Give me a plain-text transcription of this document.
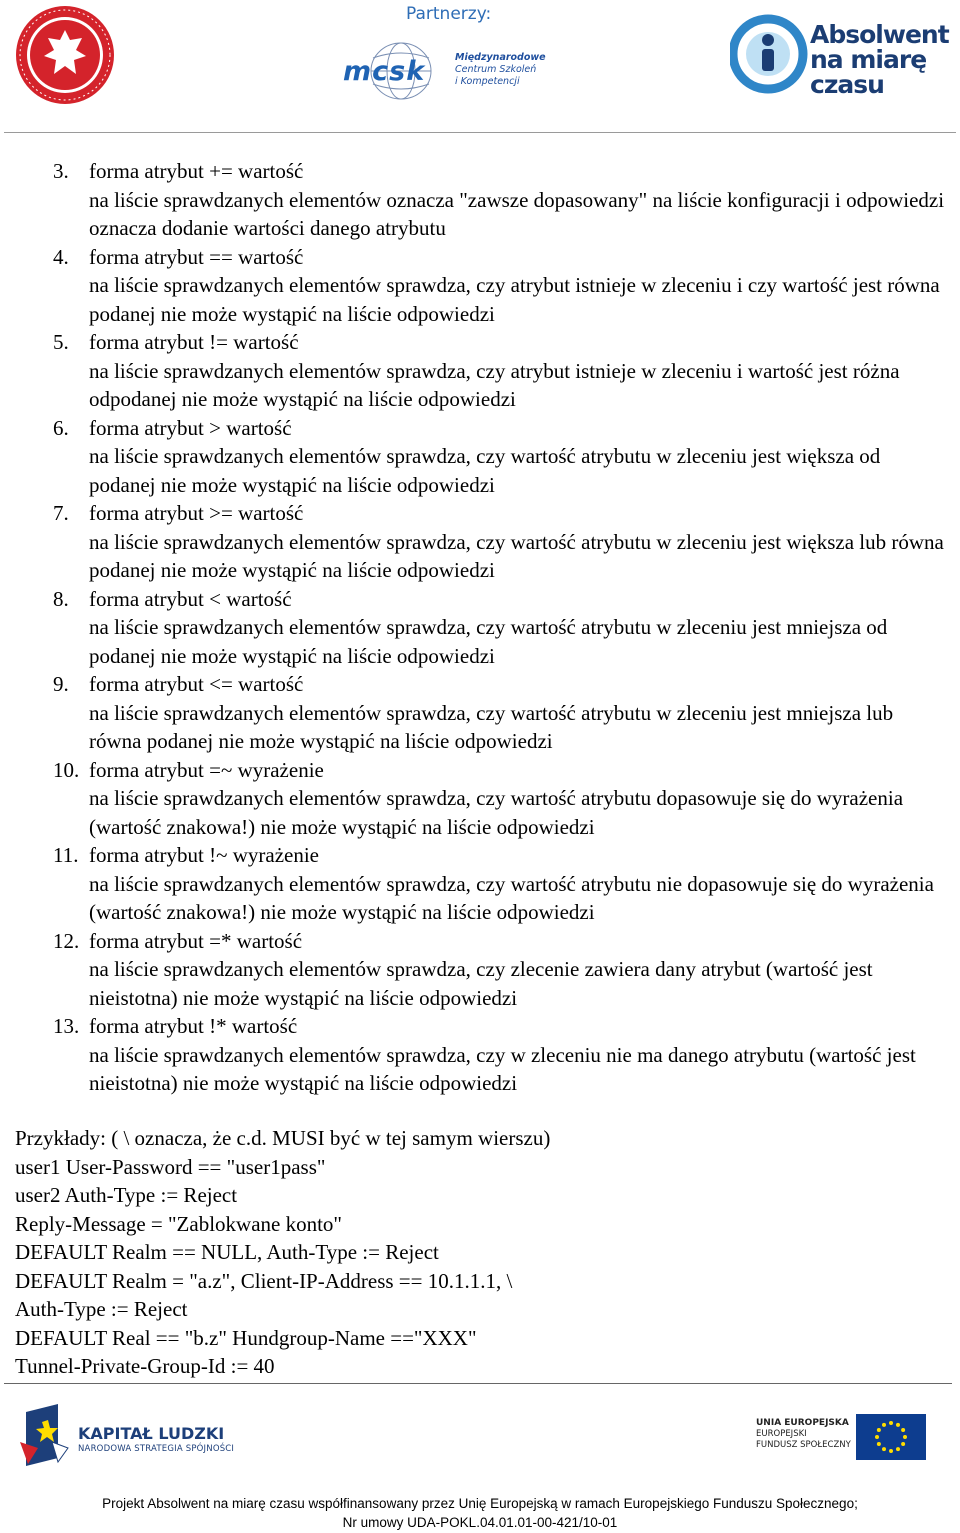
Partnerzy:
mcsk	Międzynarodowe
Centrum Szkoleń
i Kompetencji
Absolwent
na miarę
czasu
3. forma atrybut += wartość
na liście sprawdzanych elementów oznacza "zawsze dopasowany" na liście konfiguracji i odpowiedzi oznacza dodanie wartości danego atrybutu
4. forma atrybut == wartość
na liście sprawdzanych elementów sprawdza, czy atrybut istnieje w zleceniu i czy wartość jest równa podanej nie może wystąpić na liście odpowiedzi
5. forma atrybut != wartość
na liście sprawdzanych elementów sprawdza, czy atrybut istnieje w zleceniu i wartość jest różna odpodanej nie może wystąpić na liście odpowiedzi
6. forma atrybut > wartość
na liście sprawdzanych elementów sprawdza, czy wartość atrybutu w zleceniu jest większa od podanej nie może wystąpić na liście odpowiedzi
7. forma atrybut >= wartość
na liście sprawdzanych elementów sprawdza, czy wartość atrybutu w zleceniu jest większa lub równa podanej nie może wystąpić na liście odpowiedzi
8. forma atrybut < wartość
na liście sprawdzanych elementów sprawdza, czy wartość atrybutu w zleceniu jest mniejsza od podanej nie może wystąpić na liście odpowiedzi
9. forma atrybut <= wartość
na liście sprawdzanych elementów sprawdza, czy wartość atrybutu w zleceniu jest mniejsza lub równa podanej nie może wystąpić na liście odpowiedzi
10. forma atrybut =~ wyrażenie
na liście sprawdzanych elementów sprawdza, czy wartość atrybutu dopasowuje się do wyrażenia (wartość znakowa!) nie może wystąpić na liście odpowiedzi
11. forma atrybut !~ wyrażenie
na liście sprawdzanych elementów sprawdza, czy wartość atrybutu nie dopasowuje się do wyrażenia (wartość znakowa!) nie może wystąpić na liście odpowiedzi
12. forma atrybut =* wartość
na liście sprawdzanych elementów sprawdza, czy zlecenie zawiera dany atrybut (wartość jest nieistotna) nie może wystąpić na liście odpowiedzi
13. forma atrybut !* wartość
na liście sprawdzanych elementów sprawdza, czy w zleceniu nie ma danego atrybutu (wartość jest nieistotna) nie może wystąpić na liście odpowiedzi
Przykłady: ( \ oznacza, że c.d. MUSI być w tej samym wierszu)
user1 User-Password == "user1pass"
user2 Auth-Type := Reject
Reply-Message = "Zablokwane konto"
DEFAULT Realm == NULL, Auth-Type := Reject
DEFAULT Realm = "a.z", Client-IP-Address == 10.1.1.1, \
Auth-Type := Reject
DEFAULT Real == "b.z" Hundgroup-Name =="XXX"
Tunnel-Private-Group-Id := 40
KAPITAŁ LUDZKI
NARODOWA STRATEGIA SPÓJNOŚCI
UNIA EUROPEJSKA
EUROPEJSKI
FUNDUSZ SPOŁECZNY
Projekt Absolwent na miarę czasu współfinansowany przez Unię Europejską w ramach Europejskiego Funduszu Społecznego;
Nr umowy UDA-POKL.04.01.01-00-421/10-01
